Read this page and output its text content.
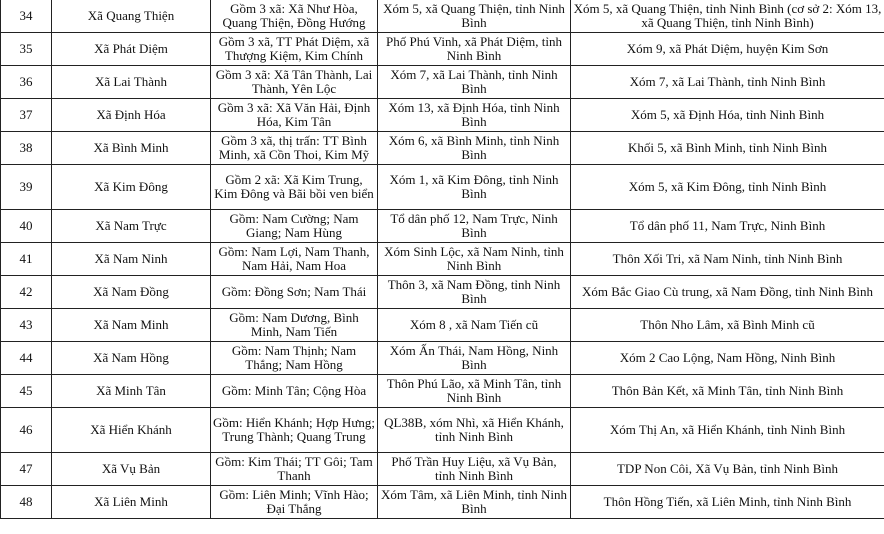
34	Xã Quang Thiện	Gồm 3 xã: Xã Như Hòa, Quang Thiện, Đồng Hướng	Xóm 5, xã Quang Thiện, tỉnh Ninh Bình	Xóm 5, xã Quang Thiện, tỉnh Ninh Bình (cơ sở 2: Xóm 13, xã Quang Thiện, tỉnh Ninh Bình)
35	Xã Phát Diệm	Gồm 3 xã, TT Phát Diệm, xã Thượng Kiệm, Kim Chính	Phố Phú Vinh, xã Phát Diệm, tỉnh Ninh Bình	Xóm 9, xã Phát Diệm, huyện Kim Sơn
36	Xã Lai Thành	Gồm 3 xã: Xã Tân Thành, Lai Thành, Yên Lộc	Xóm 7, xã Lai Thành, tỉnh Ninh Bình	Xóm 7, xã Lai Thành, tỉnh Ninh Bình
37	Xã Định Hóa	Gồm 3 xã: Xã Văn Hải, Định Hóa, Kim Tân	Xóm 13, xã Định Hóa, tỉnh Ninh Bình	Xóm 5, xã Định Hóa, tỉnh Ninh Bình
38	Xã Bình Minh	Gồm 3 xã, thị trấn: TT Bình Minh, xã Cồn Thoi, Kim Mỹ	Xóm 6, xã Bình Minh, tỉnh Ninh Bình	Khối 5, xã Bình Minh, tỉnh Ninh Bình
39	Xã Kim Đông	Gồm 2 xã: Xã Kim Trung, Kim Đông và Bãi bồi ven biển	Xóm 1, xã Kim Đông, tỉnh Ninh Bình	Xóm 5, xã Kim Đông, tỉnh Ninh Bình
40	Xã Nam Trực	Gồm: Nam Cường; Nam Giang; Nam Hùng	Tổ dân phố 12, Nam Trực, Ninh Bình	Tổ dân phố 11, Nam Trực, Ninh Bình
41	Xã Nam Ninh	Gồm: Nam Lợi, Nam Thanh, Nam Hải, Nam Hoa	Xóm Sinh Lộc, xã Nam Ninh, tỉnh Ninh Bình	Thôn Xối Tri, xã Nam Ninh, tỉnh Ninh Bình
42	Xã Nam Đồng	Gồm: Đồng Sơn; Nam Thái	Thôn 3, xã Nam Đồng, tỉnh Ninh Bình	Xóm Bắc Giao Cù trung, xã Nam Đồng, tỉnh Ninh Bình
43	Xã Nam Minh	Gồm: Nam Dương, Bình Minh, Nam Tiến	Xóm 8 , xã Nam Tiến cũ	Thôn Nho Lâm, xã Bình Minh cũ
44	Xã Nam Hồng	Gồm: Nam Thịnh; Nam Thắng; Nam Hồng	Xóm Ấn Thái, Nam Hồng, Ninh Bình	Xóm 2 Cao Lộng, Nam Hồng, Ninh Bình
45	Xã Minh Tân	Gồm: Minh Tân; Cộng Hòa	Thôn Phú Lão, xã Minh Tân, tỉnh Ninh Bình	Thôn Bản Kết, xã Minh Tân, tỉnh Ninh Bình
46	Xã Hiển Khánh	Gồm: Hiển Khánh; Hợp Hưng; Trung Thành; Quang Trung	QL38B, xóm Nhì, xã Hiển Khánh, tỉnh Ninh Bình	Xóm Thị An, xã Hiển Khánh, tỉnh Ninh Bình
47	Xã Vụ Bản	Gồm: Kim Thái; TT Gôi; Tam Thanh	Phố Trần Huy Liệu, xã Vụ Bản, tỉnh Ninh Bình	TDP Non Côi, Xã Vụ Bản, tỉnh Ninh Bình
48	Xã Liên Minh	Gồm: Liên Minh; Vĩnh Hào; Đại Thắng	Xóm Tâm, xã Liên Minh, tỉnh Ninh Bình	Thôn Hồng Tiến, xã Liên Minh, tỉnh Ninh Bình
